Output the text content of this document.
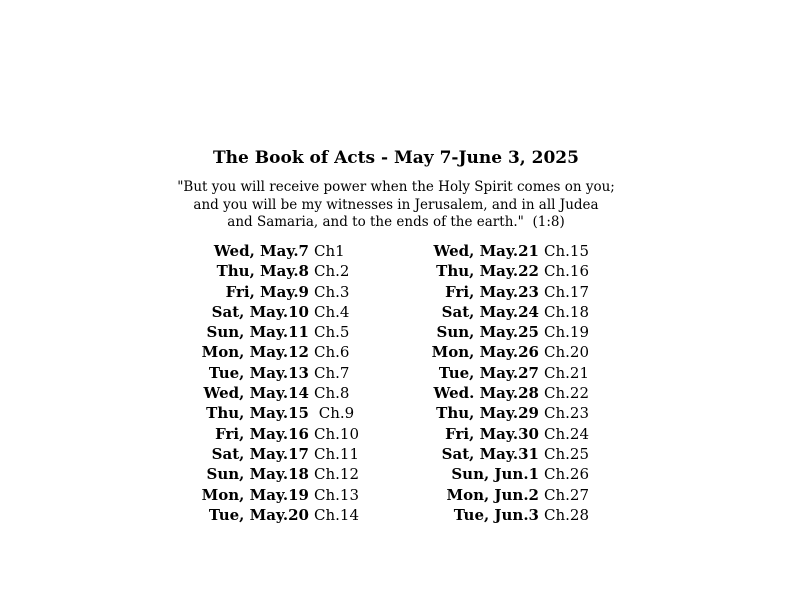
The Book of Acts - May 7-June 3, 2025
"But you will receive power when the Holy Spirit comes on you;
and you will be my witnesses in Jerusalem, and in all Judea
and Samaria, and to the ends of the earth."  (1:8)
Wed, May.7 Ch1
Thu, May.8 Ch.2
Fri, May.9 Ch.3
Sat, May.10 Ch.4
Sun, May.11 Ch.5
Mon, May.12 Ch.6
Tue, May.13 Ch.7
Wed, May.14 Ch.8
Thu, May.15 Ch.9
Fri, May.16 Ch.10
Sat, May.17 Ch.11
Sun, May.18 Ch.12
Mon, May.19 Ch.13
Tue, May.20 Ch.14
Wed, May.21 Ch.15
Thu, May.22 Ch.16
Fri, May.23 Ch.17
Sat, May.24 Ch.18
Sun, May.25 Ch.19
Mon, May.26 Ch.20
Tue, May.27 Ch.21
Wed. May.28 Ch.22
Thu, May.29 Ch.23
Fri, May.30 Ch.24
Sat, May.31 Ch.25
Sun, Jun.1 Ch.26
Mon, Jun.2 Ch.27
Tue, Jun.3 Ch.28
